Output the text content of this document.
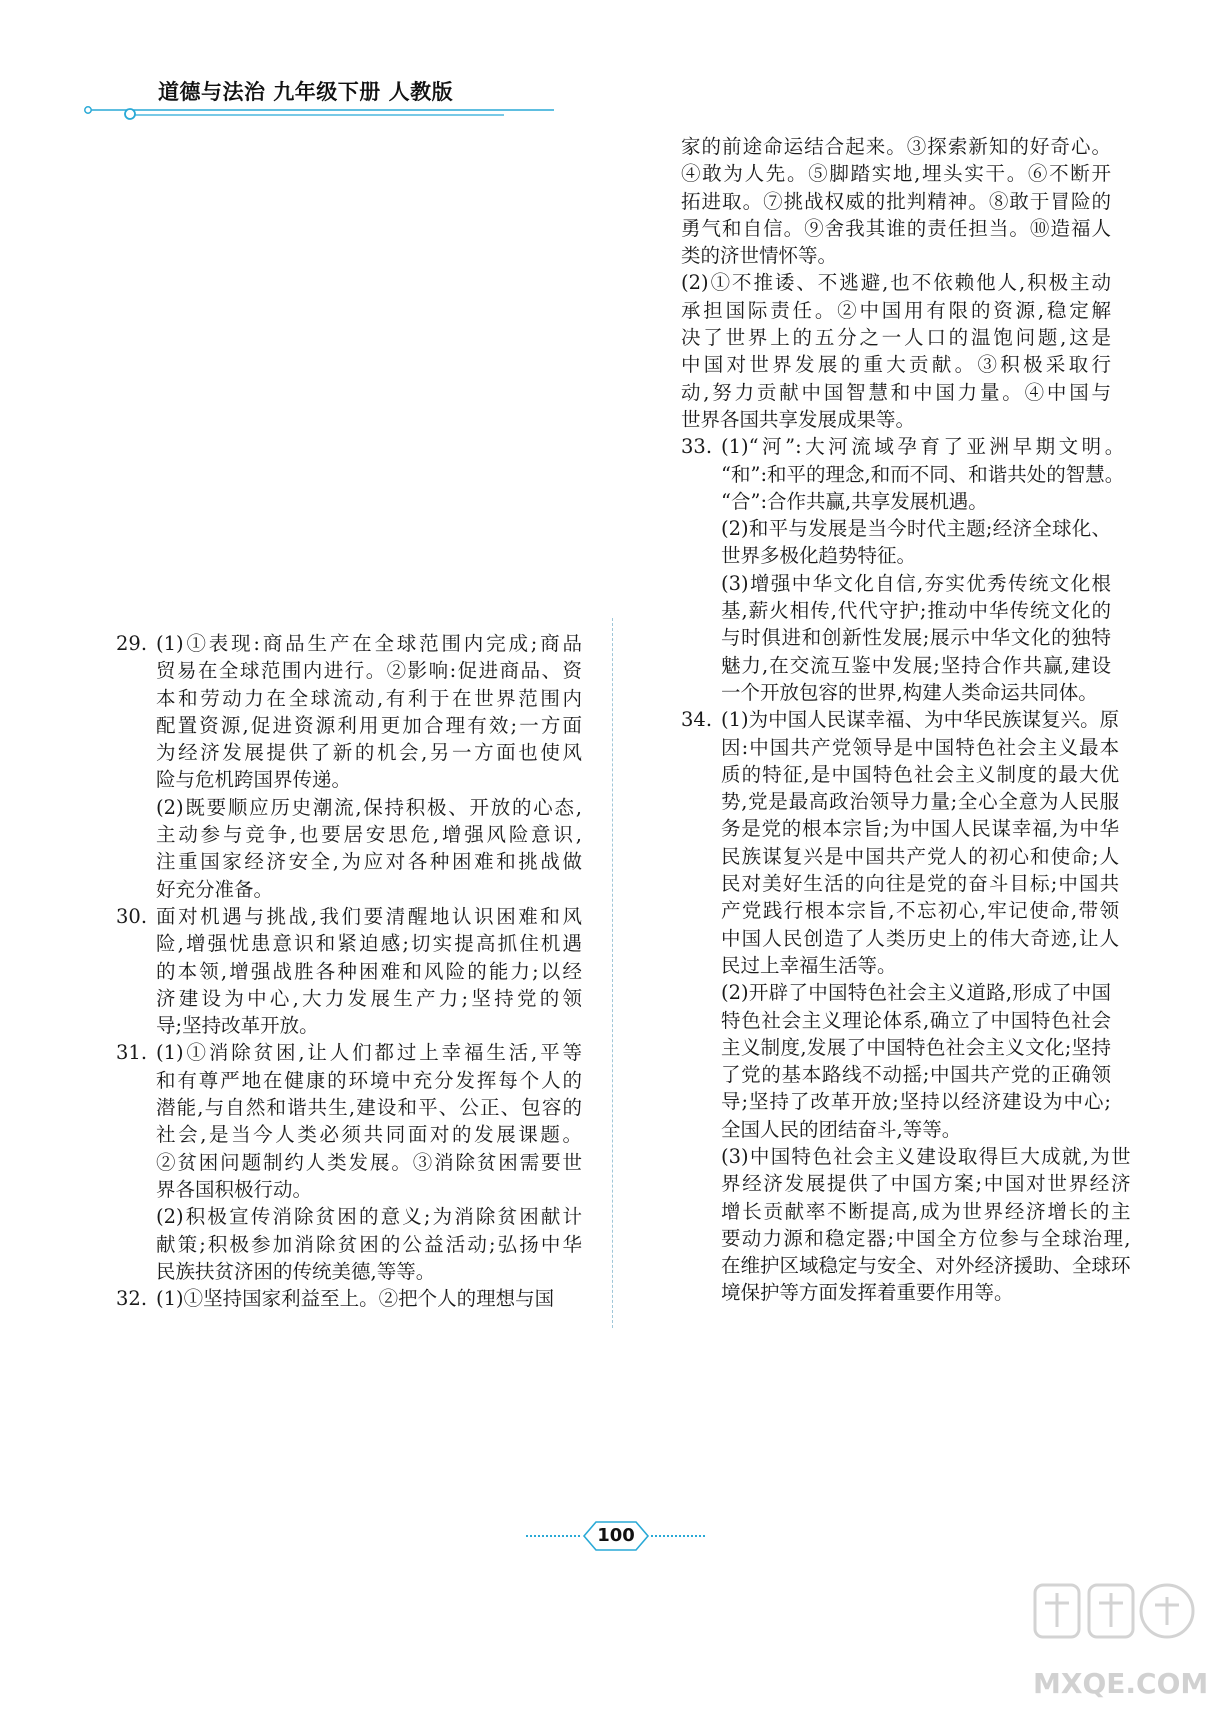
道德与法治 九年级下册 人教版
29. (1)①表现:商品生产在全球范围内完成;商品
贸易在全球范围内进行。②影响:促进商品、资
本和劳动力在全球流动,有利于在世界范围内
配置资源,促进资源利用更加合理有效;一方面
为经济发展提供了新的机会,另一方面也使风
险与危机跨国界传递。
(2)既要顺应历史潮流,保持积极、开放的心态,
主动参与竞争,也要居安思危,增强风险意识,
注重国家经济安全,为应对各种困难和挑战做
好充分准备。
30. 面对机遇与挑战,我们要清醒地认识困难和风
险,增强忧患意识和紧迫感;切实提高抓住机遇
的本领,增强战胜各种困难和风险的能力;以经
济建设为中心,大力发展生产力;坚持党的领
导;坚持改革开放。
31. (1)①消除贫困,让人们都过上幸福生活,平等
和有尊严地在健康的环境中充分发挥每个人的
潜能,与自然和谐共生,建设和平、公正、包容的
社会,是当今人类必须共同面对的发展课题。
②贫困问题制约人类发展。③消除贫困需要世
界各国积极行动。
(2)积极宣传消除贫困的意义;为消除贫困献计
献策;积极参加消除贫困的公益活动;弘扬中华
民族扶贫济困的传统美德,等等。
32. (1)①坚持国家利益至上。②把个人的理想与国
家的前途命运结合起来。③探索新知的好奇心。
④敢为人先。⑤脚踏实地,埋头实干。⑥不断开
拓进取。⑦挑战权威的批判精神。⑧敢于冒险的
勇气和自信。⑨舍我其谁的责任担当。⑩造福人
类的济世情怀等。
(2)①不推诿、不逃避,也不依赖他人,积极主动
承担国际责任。②中国用有限的资源,稳定解
决了世界上的五分之一人口的温饱问题,这是
中国对世界发展的重大贡献。③积极采取行
动,努力贡献中国智慧和中国力量。④中国与
世界各国共享发展成果等。
33. (1)“河”:大河流域孕育了亚洲早期文明。
“和”:和平的理念,和而不同、和谐共处的智慧。
“合”:合作共赢,共享发展机遇。
(2)和平与发展是当今时代主题;经济全球化、
世界多极化趋势特征。
(3)增强中华文化自信,夯实优秀传统文化根
基,薪火相传,代代守护;推动中华传统文化的
与时俱进和创新性发展;展示中华文化的独特
魅力,在交流互鉴中发展;坚持合作共赢,建设
一个开放包容的世界,构建人类命运共同体。
34. (1)为中国人民谋幸福、为中华民族谋复兴。原
因:中国共产党领导是中国特色社会主义最本
质的特征,是中国特色社会主义制度的最大优
势,党是最高政治领导力量;全心全意为人民服
务是党的根本宗旨;为中国人民谋幸福,为中华
民族谋复兴是中国共产党人的初心和使命;人
民对美好生活的向往是党的奋斗目标;中国共
产党践行根本宗旨,不忘初心,牢记使命,带领
中国人民创造了人类历史上的伟大奇迹,让人
民过上幸福生活等。
(2)开辟了中国特色社会主义道路,形成了中国
特色社会主义理论体系,确立了中国特色社会
主义制度,发展了中国特色社会主义文化;坚持
了党的基本路线不动摇;中国共产党的正确领
导;坚持了改革开放;坚持以经济建设为中心;
全国人民的团结奋斗,等等。
(3)中国特色社会主义建设取得巨大成就,为世
界经济发展提供了中国方案;中国对世界经济
增长贡献率不断提高,成为世界经济增长的主
要动力源和稳定器;中国全方位参与全球治理,
在维护区域稳定与安全、对外经济援助、全球环
境保护等方面发挥着重要作用等。
100
MXQE.COM
